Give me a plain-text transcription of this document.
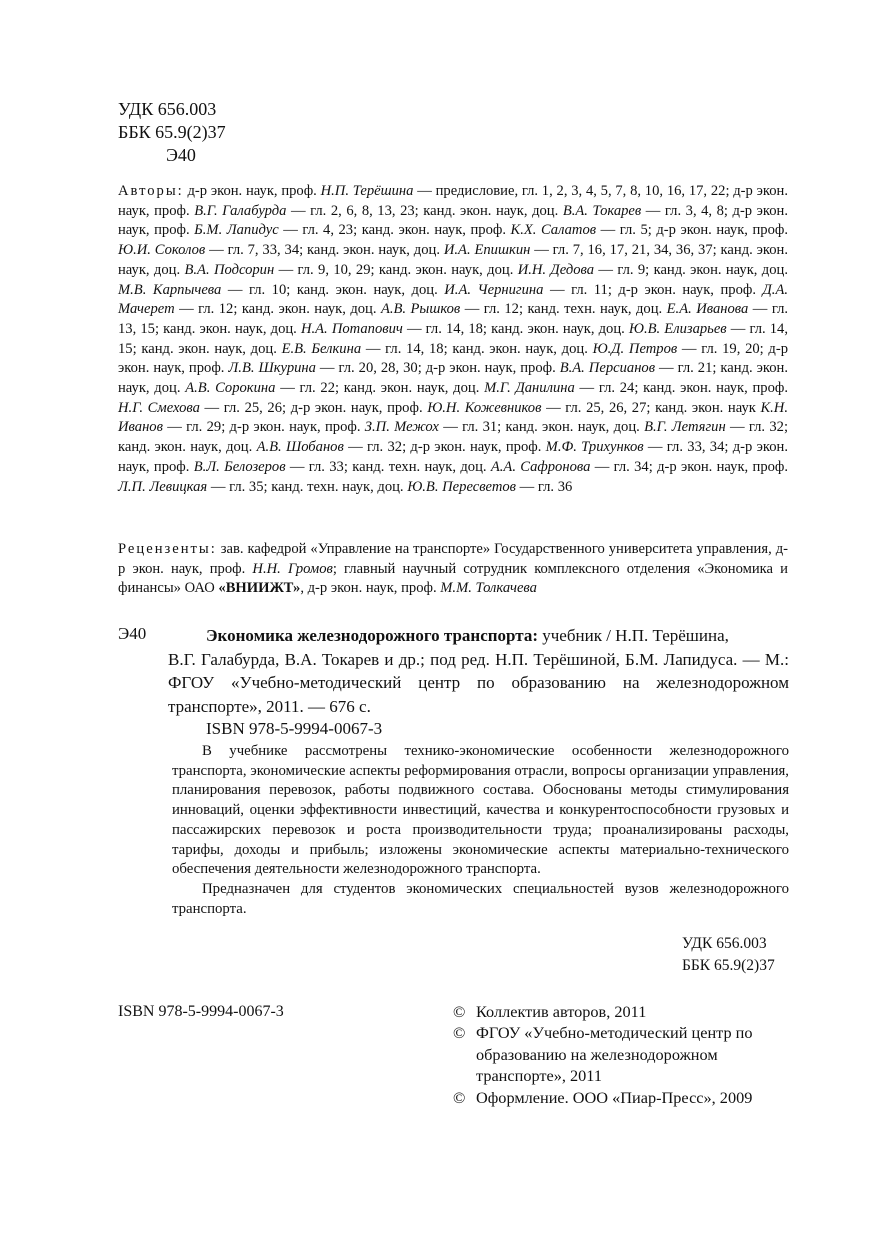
УДК 656.003
ББК 65.9(2)37
Э40
Авторы: д-р экон. наук, проф. Н.П. Терёшина — предисловие, гл. 1, 2, 3, 4, 5, 7, 8, 10, 16, 17, 22; д-р экон. наук, проф. В.Г. Галабурда — гл. 2, 6, 8, 13, 23; канд. экон. наук, доц. В.А. Токарев — гл. 3, 4, 8; д-р экон. наук, проф. Б.М. Лапидус — гл. 4, 23; канд. экон. наук, проф. К.Х. Салатов — гл. 5; д-р экон. наук, проф. Ю.И. Соколов — гл. 7, 33, 34; канд. экон. наук, доц. И.А. Епишкин — гл. 7, 16, 17, 21, 34, 36, 37; канд. экон. наук, доц. В.А. Подсорин — гл. 9, 10, 29; канд. экон. наук, доц. И.Н. Дедова — гл. 9; канд. экон. наук, доц. М.В. Карпычева — гл. 10; канд. экон. наук, доц. И.А. Чернигина — гл. 11; д-р экон. наук, проф. Д.А. Мачерет — гл. 12; канд. экон. наук, доц. А.В. Рышков — гл. 12; канд. техн. наук, доц. Е.А. Иванова — гл. 13, 15; канд. экон. наук, доц. Н.А. Потапович — гл. 14, 18; канд. экон. наук, доц. Ю.В. Елизарьев — гл. 14, 15; канд. экон. наук, доц. Е.В. Белкина — гл. 14, 18; канд. экон. наук, доц. Ю.Д. Петров — гл. 19, 20; д-р экон. наук, проф. Л.В. Шкурина — гл. 20, 28, 30; д-р экон. наук, проф. В.А. Персианов — гл. 21; канд. экон. наук, доц. А.В. Сорокина — гл. 22; канд. экон. наук, доц. М.Г. Данилина — гл. 24; канд. экон. наук, проф. Н.Г. Смехова — гл. 25, 26; д-р экон. наук, проф. Ю.Н. Кожевников — гл. 25, 26, 27; канд. экон. наук К.Н. Иванов — гл. 29; д-р экон. наук, проф. З.П. Межох — гл. 31; канд. экон. наук, доц. В.Г. Летягин — гл. 32; канд. экон. наук, доц. А.В. Шобанов — гл. 32; д-р экон. наук, проф. М.Ф. Трихунков — гл. 33, 34; д-р экон. наук, проф. В.Л. Белозеров — гл. 33; канд. техн. наук, доц. А.А. Сафронова — гл. 34; д-р экон. наук, проф. Л.П. Левицкая — гл. 35; канд. техн. наук, доц. Ю.В. Пересветов — гл. 36
Рецензенты: зав. кафедрой «Управление на транспорте» Государственного университета управления, д-р экон. наук, проф. Н.Н. Громов; главный научный сотрудник комплексного отделения «Экономика и финансы» ОАО «ВНИИЖТ», д-р экон. наук, проф. М.М. Толкачева
Э40	Экономика железнодорожного транспорта: учебник / Н.П. Терёшина,
В.Г. Галабурда, В.А. Токарев и др.; под ред. Н.П. Терёшиной, Б.М. Лапидуса. — М.: ФГОУ «Учебно-методический центр по образованию на железнодорожном транспорте», 2011. — 676 с.
ISBN 978-5-9994-0067-3

В учебнике рассмотрены технико-экономические особенности железнодорожного транспорта, экономические аспекты реформирования отрасли, вопросы организации управления, планирования перевозок, работы подвижного состава. Обоснованы методы стимулирования инноваций, оценки эффективности инвестиций, качества и конкурентоспособности грузовых и пассажирских перевозок и роста производительности труда; проанализированы расходы, тарифы, доходы и прибыль; изложены экономические аспекты материально-технического обеспечения деятельности железнодорожного транспорта.

Предназначен для студентов экономических специальностей вузов железнодорожного транспорта.

УДК 656.003
ББК 65.9(2)37
ISBN 978-5-9994-0067-3	© Коллектив авторов, 2011
© ФГОУ «Учебно-методический центр по образованию на железнодорожном транспорте», 2011
© Оформление. ООО «Пиар-Пресс», 2009
